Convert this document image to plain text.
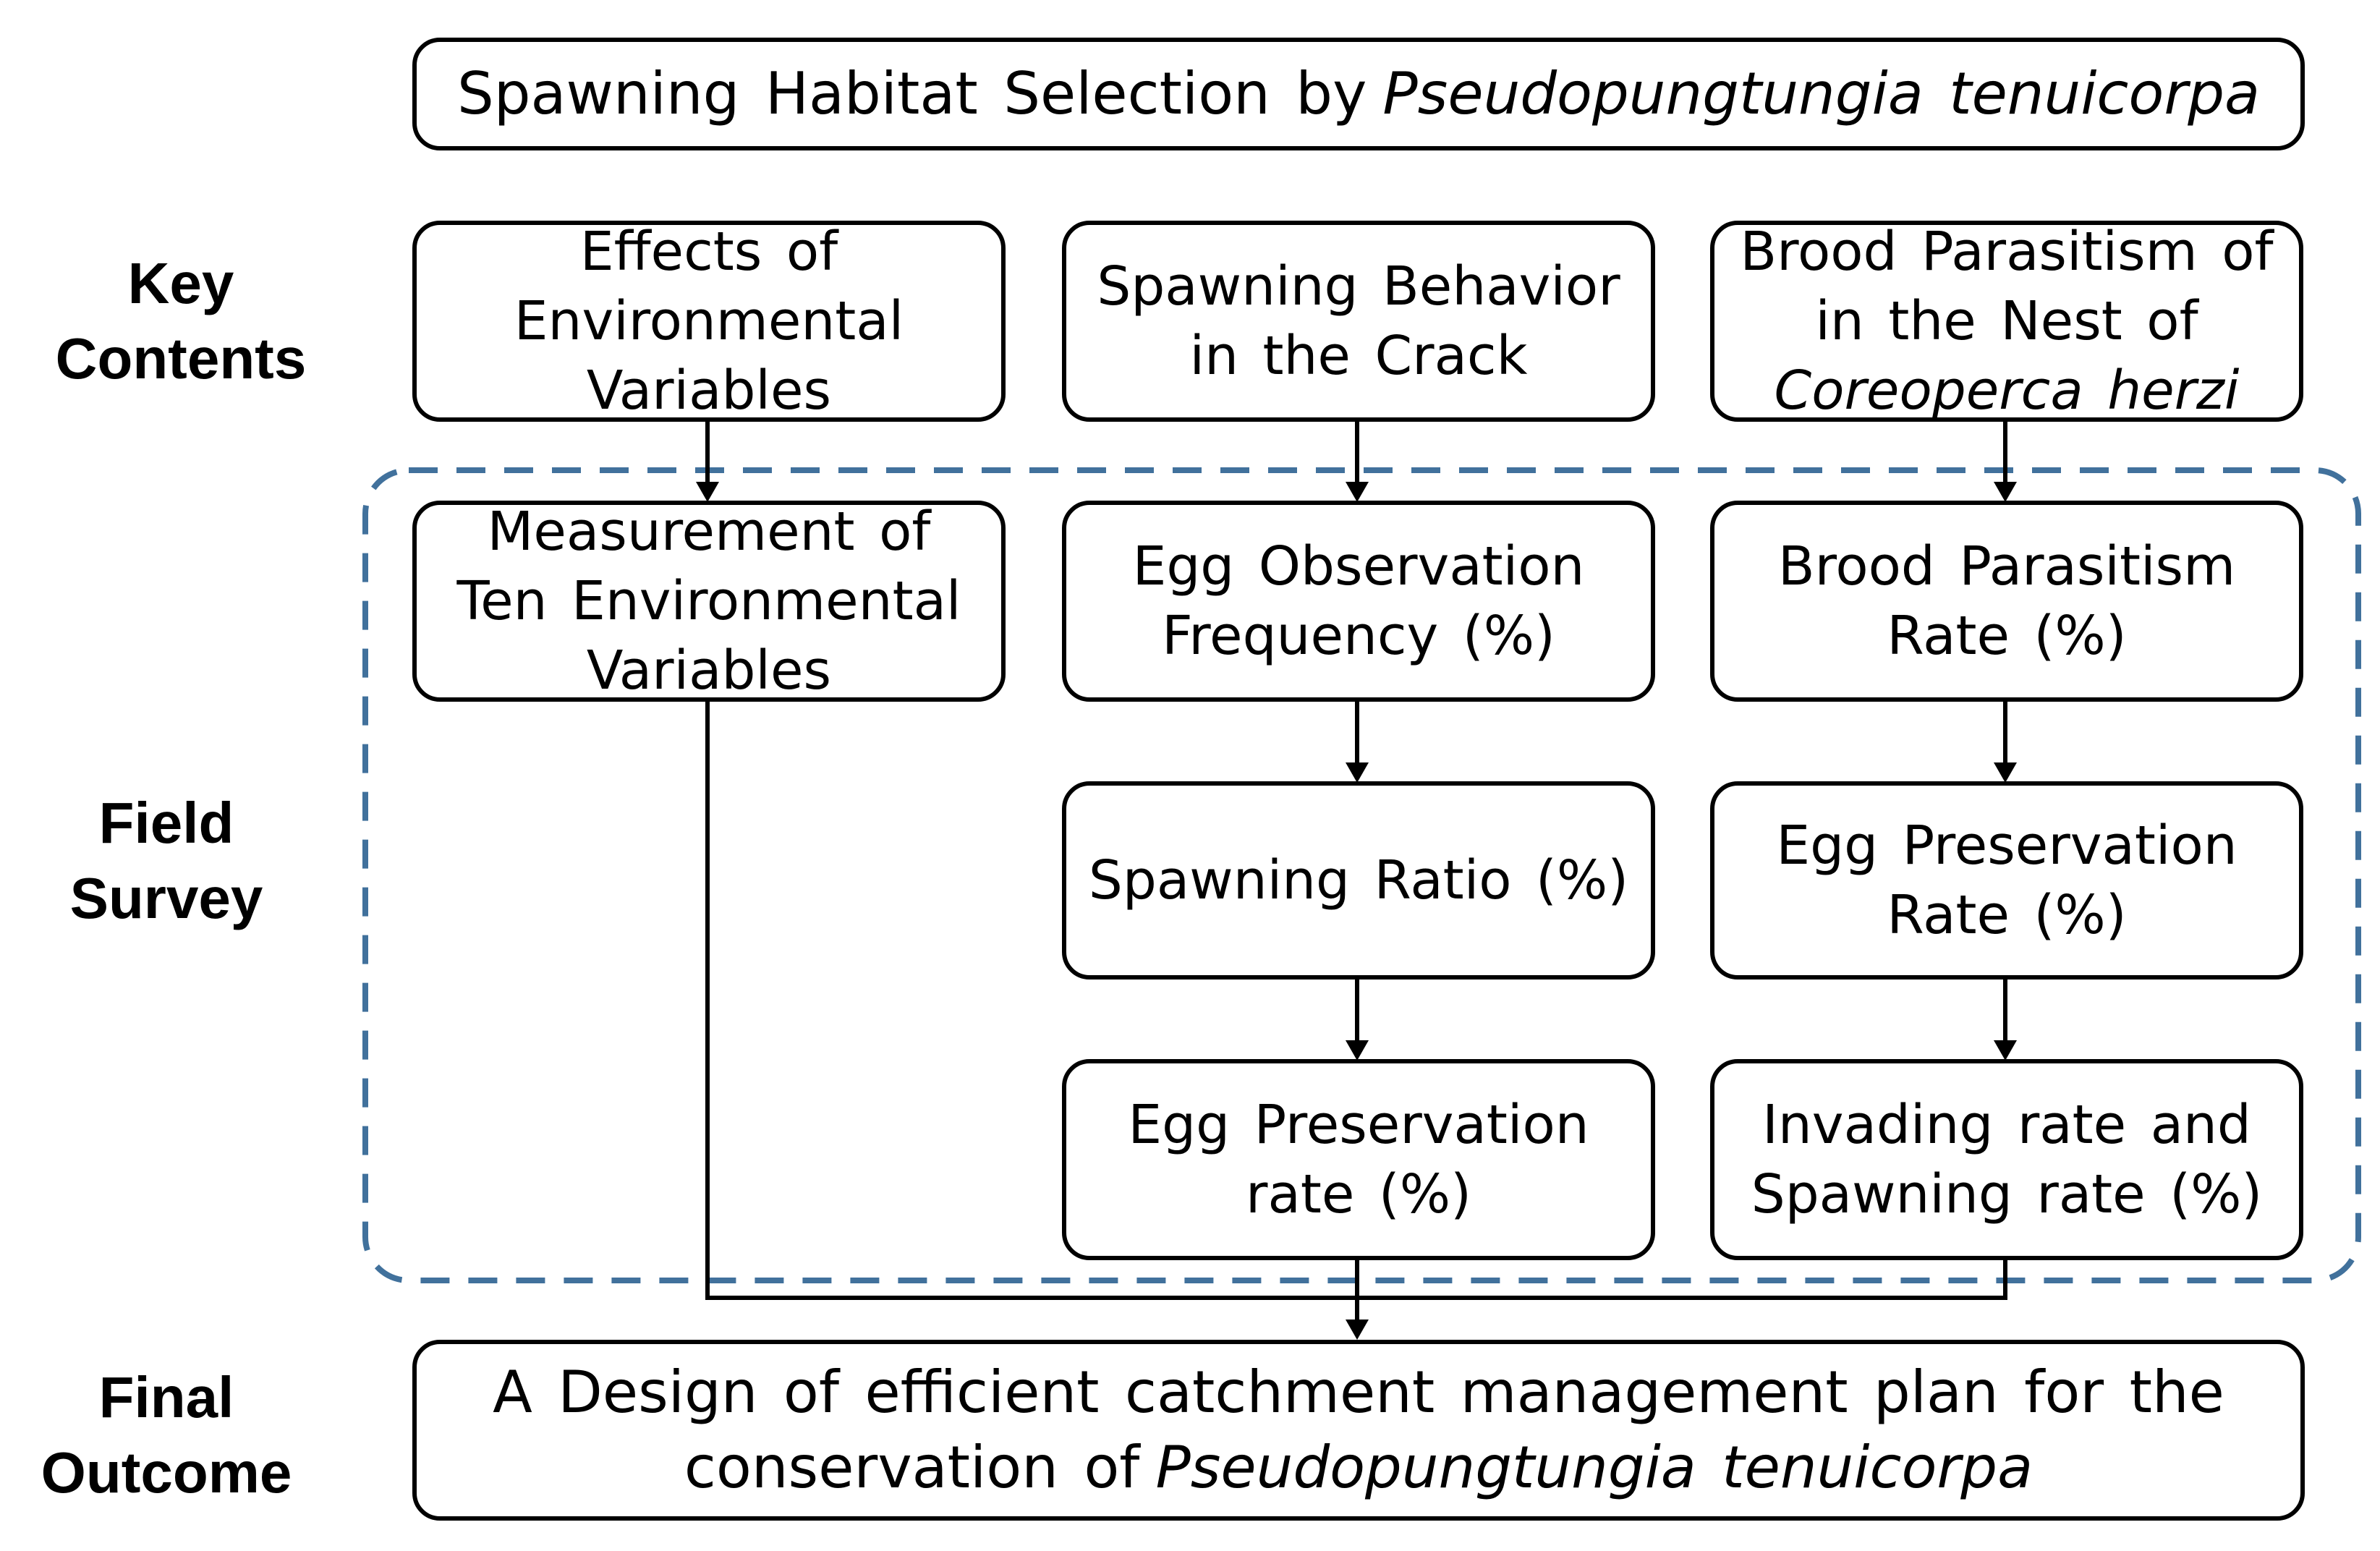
Spawning Habitat Selection by Pseudopungtungia tenuicorpa
Key
Contents
Field
Survey
Final
Outcome
Effects of
Environmental
Variables
Spawning Behavior
in the Crack
Brood Parasitism of
in the Nest of
Coreoperca herzi
Measurement of
Ten Environmental
Variables
Egg Observation
Frequency (%)
Spawning Ratio (%)
Egg Preservation
rate (%)
Brood Parasitism
Rate (%)
Egg Preservation
Rate (%)
Invading rate and
Spawning rate (%)
A Design of efficient catchment management plan for the
conservation of Pseudopungtungia tenuicorpa
